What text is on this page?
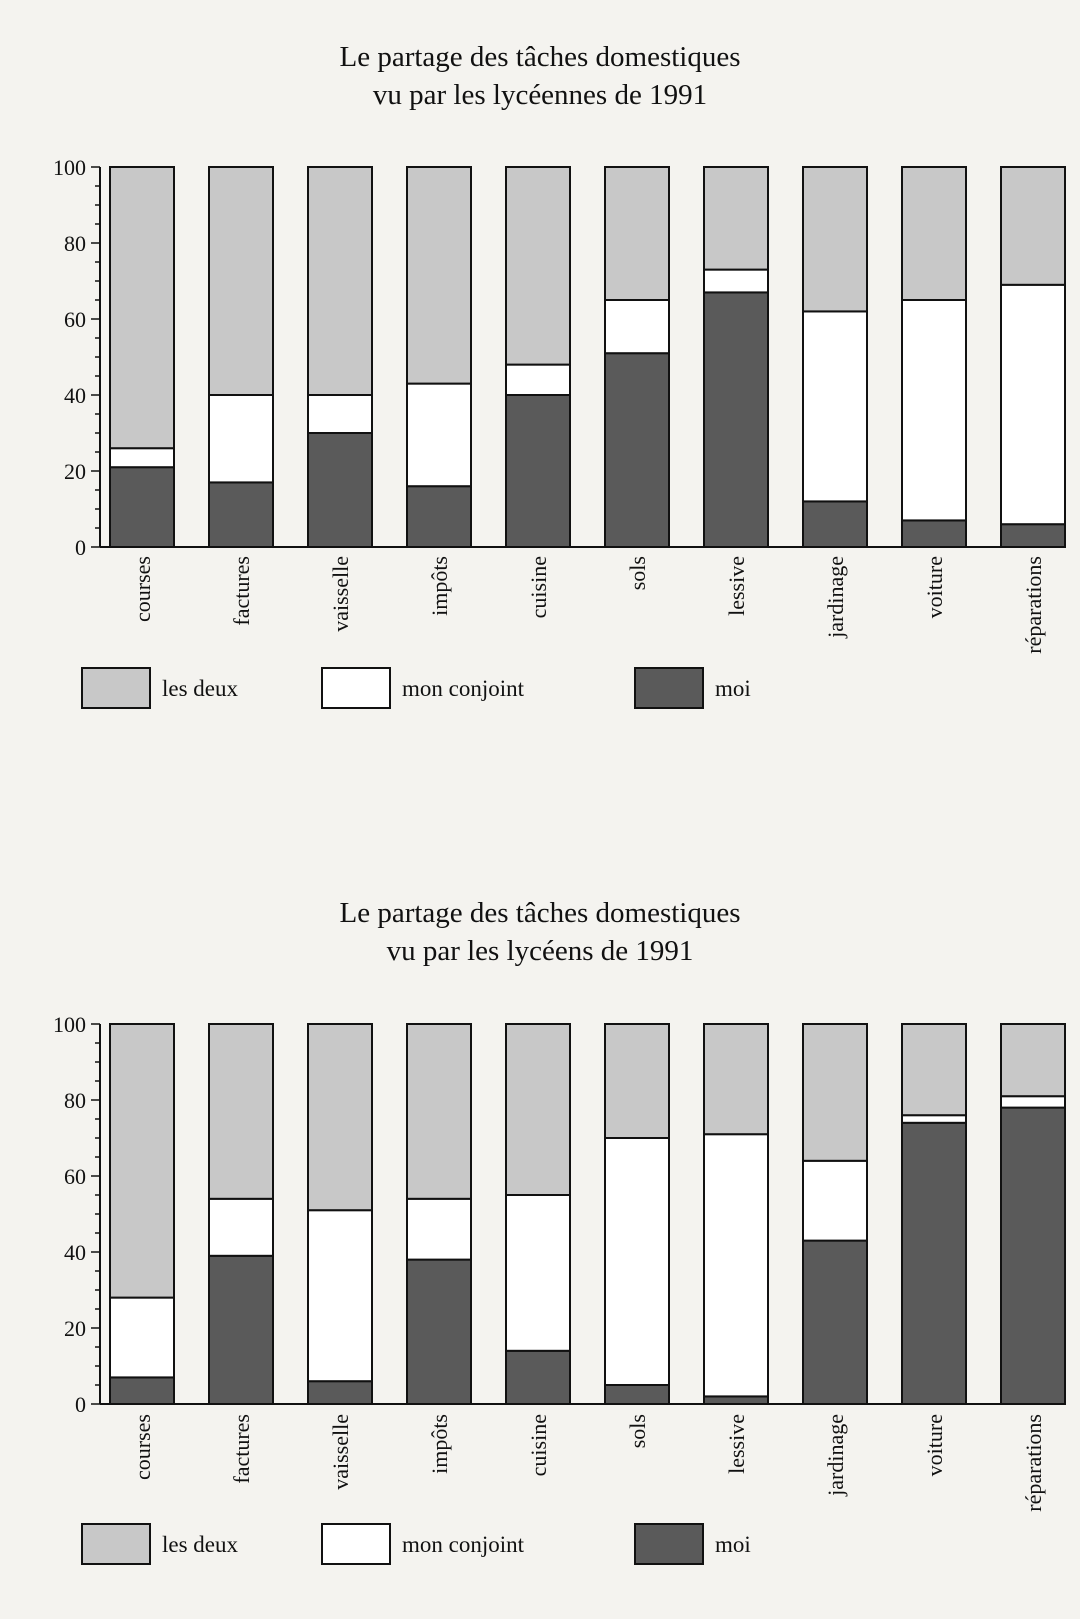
Le partage des tâches domestiques
vu par les lycéennes de 1991
0
20
40
60
80
100
courses	factures	vaisselle	impôts	cuisine	sols	lessive	jardinage	voiture	réparations
les deux	mon conjoint	moi
Le partage des tâches domestiques
vu par les lycéens de 1991
0
20
40
60
80
100
courses	factures	vaisselle	impôts	cuisine	sols	lessive	jardinage	voiture	réparations
les deux	mon conjoint	moi
